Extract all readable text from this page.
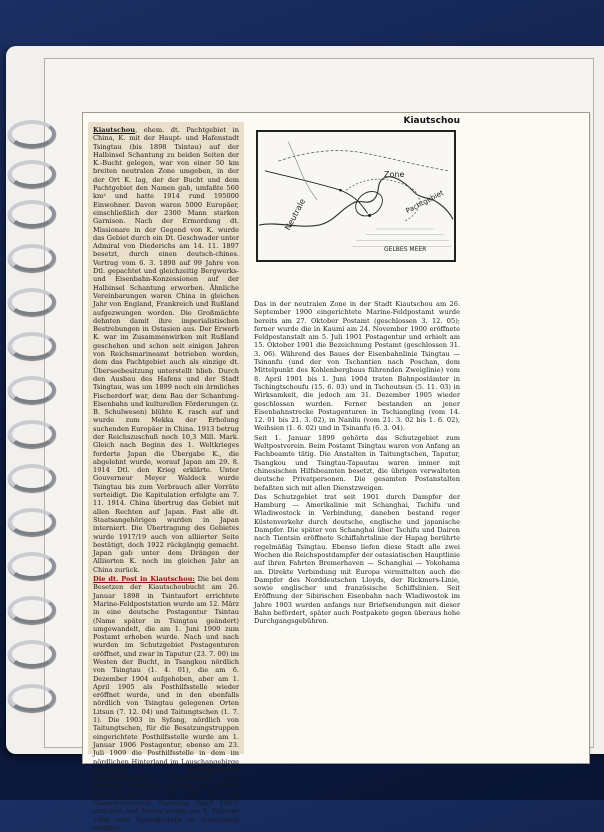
Kiautschou, ehem. dt. Pachtgebiet in China, K. mit der Haupt- und Hafenstadt Tsingtau (bis 1898 Tsintau) auf der Halbinsel Schantung zu beiden Seiten der K.-Bucht gelegen, war von einer 50 km breiten neutralen Zone umgeben, in der der Ort K. lag, der der Bucht und dem Pachtgebiet den Namen gab, umfaßte 560 km² und hatte 1914 rund 195000 Einwohner. Davon waren 5000 Europäer, einschließlich der 2300 Mann starken Garnison. Nach der Ermordung dt. Missionare in der Gegend von K. wurde das Gebiet durch ein Dt. Geschwader unter Admiral von Diederichs am 14. 11. 1897 besetzt, durch einen deutsch-chines. Vertrag vom 6. 3. 1898 auf 99 Jahre von Dtl. gepachtet und gleichzeitig Bergwerks- und Eisenbahn-Konzessionen auf der Halbinsel Schantung erworben. Ähnliche Vereinbarungen waren China in gleichen Jahr von England, Frankreich und Rußland aufgezwungen worden. Die Großmächte dehnten damit ihre imperialistischen Bestrebungen in Ostasien aus. Der Erwerb K. war im Zusammenwirken mit Rußland geschehen und schon seit einigen Jahren von Reichsmarineamt betrieben worden, dem das Pachtgebiet auch als einzige dt. Überseebesitzung unterstellt blieb. Durch den Ausbau des Hafens und der Stadt Tsingtau, was um 1899 noch ein ärmliches Fischerdorf war, dem Bau der Schantung-Eisenbahn und kulturellen Förderungen (z. B. Schulwesen) blühte K. rasch auf und wurde zum Mekka der Erholung suchenden Europäer in China. 1913 betrug der Reichszuschuß noch 10,3 Mill. Mark. Gleich nach Beginn des 1. Weltkrieges forderte Japan die Übergabe K., die abgelehnt wurde, worauf Japan am 29. 8. 1914 Dtl. den Krieg erklärte. Unter Gouverneur Meyer Waldeck wurde Tsingtau bis zum Verbrauch aller Vorräte verteidigt. Die Kapitulation erfolgte am 7. 11. 1914. China übertrug das Gebiet mit allen Rechten auf Japan. Fast alle dt. Staatsangehörigen wurden in Japan interniert. Die Übertragung des Gebietes wurde 1917/19 auch von alliierter Seite bestätigt, doch 1922 rückgängig gemacht. Japan gab unter dem Drängen der Alliierten K. noch im gleichen Jahr an China zurück.

Die dt. Post in Kiautschou: Die bei dem Besetzen der Kiautschoubucht am 26. Januar 1898 in Tsintaufort errichtete Marine-Feldpoststation wurde am 12. März in eine deutsche Postagentur Tsintau (Name später in Tsingtau geändert) umgewandelt, die am 1. Juni 1900 zum Postamt erhoben wurde. Nach und nach wurden im Schutzgebiet Postagenturen eröffnet, und zwar in Taputur (23. 7. 00) im Westen der Bucht, in Tsangkou nördlich von Tsingtau (1. 4. 01), die am 6. Dezember 1904 aufgehoben, aber am 1. April 1905 als Posthilfsstelle wieder eröffnet wurde, und in den ebenfalls nördlich von Tsingtau gelegenen Orten Litsun (7. 12. 04) und Taitungtschen (1. 7. 1). Die 1903 in Syfang, nördlich von Taitungtschen, für die Besatzungstruppen eingerichtete Posthilfsstelle wurde am 1. Januar 1906 Postagentur, ebenso am 23. Juli 1909 die Posthilfsstelle in dem im nördlichen Hinterland im Lauschangebirge gelegenen Erholungsheim Mecklenburghaus. Zweigstellen des Postamts Tsingtau wurden im Großen Hafen (15. 1. 10) und in der Chinesenvorstadt Tapautau (April 1905) errichtet und ferner wurde am 1. Februar 1908 eine Posthilfsstelle in Schatsykou eröffnet.

Kiautschou
Zone
Neutrale	Pachtgebiet
GELBES MEER

Das in der neutralen Zone in der Stadt Kiautschou am 26. September 1900 eingerichtete Marine-Feldpostamt wurde bereits am 27. Oktober Postamt (geschlossen 3. 12. 05); ferner wurde die in Kaumi am 24. November 1900 eröffnete Feldpostanstalt am 5. Juli 1901 Postagentur und erhielt am 15. Oktober 1901 die Bezeichnung Postamt (geschlossen 31. 3. 06). Während des Baues der Eisenbahnlinie Tsingtau — Tsinanfu (und der von Tschantien nach Poschan, dem Mittelpunkt des Kohlenbergbaus führenden Zweiglinie) vom 8. April 1901 bis 1. Juni 1904 traten Bahnpostämter in Tschingtschoufu (15. 6. 03) und in Tschoutsun (5. 11. 03) in Wirksamkeit, die jedoch am 31. Dezember 1905 wieder geschlossen wurden. Ferner bestanden an jener Eisenbahnstrecke Postagenturen in Tschiangling (vom 14. 12. 01 bis 21. 3. 02), in Nanliu (vom 21. 3. 02 bis 1. 6. 02), Weihsien (1. 6. 02) und in Tsinanfu (6. 3. 04).

Seit 1. Januar 1899 gehörte das Schutzgebiet zum Weltpostverein. Beim Postamt Tsingtau waren von Anfang an Fachbeamte tätig. Die Anstalten in Taitungtschen, Taputur, Tsangkou und Tsingtau-Tapautau waren immer mit chinesischen Hilfsbeamten besetzt, die übrigen verwalteten deutsche Privatpersonen. Die gesamten Postanstalten befaßten sich mit allen Dienstzweigen.

Das Schutzgebiet trat seit 1901 durch Dampfer der Hamburg — Amerikalinie mit Schanghai, Tschifu und Wladiwostock in Verbindung, daneben bestand reger Küstenverkehr durch deutsche, englische und japanische Dampfer. Die später von Schanghai über Tschifu und Dairen nach Tientsin eröffnete Schiffahrtslinie der Hapag berührte regelmäßig Tsingtau. Ebenso liefen diese Stadt alle zwei Wochen die Reichspostdampfer der ostasiatischen Hauptlinie auf ihren Fahrten Bremerhaven — Schanghai — Yokohama an. Direkte Verbindung mit Europa vermittelten auch die Dampfer des Norddeutschen Lloyds, der Rickmers-Linie, sowie englischer und französische Schiffslinien. Seit Eröffnung der Sibirischen Eisenbahn nach Wladiwostok im Jahre 1903 wurden anfangs nur Briefsendungen mit dieser Bahn befördert, später auch Postpakete gegen überaus hohe Durchgangsgebühren.
